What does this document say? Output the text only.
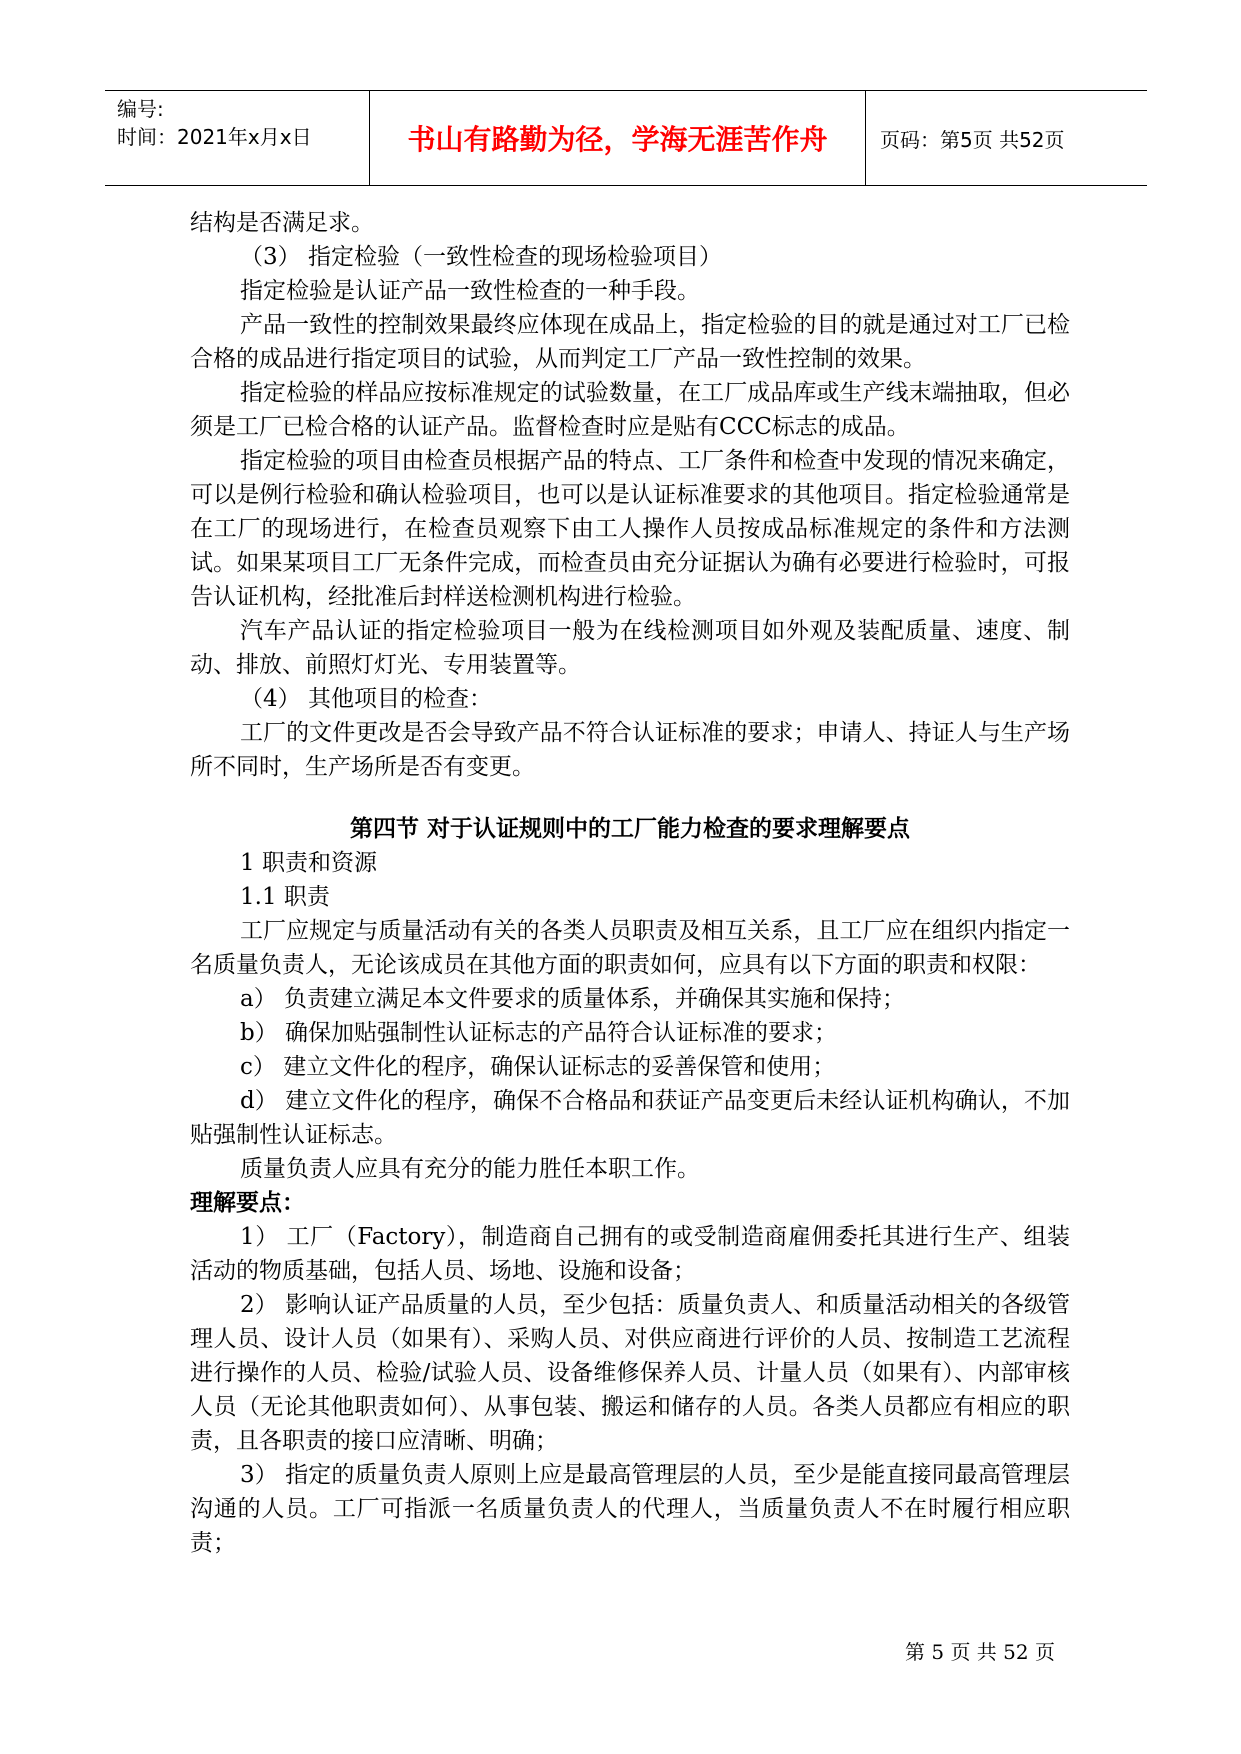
编号:
时间：2021年x月x日	书山有路勤为径，学海无涯苦作舟	页码：第5页 共52页

结构是否满足求。

（3） 指定检验（一致性检查的现场检验项目）

指定检验是认证产品一致性检查的一种手段。

产品一致性的控制效果最终应体现在成品上，指定检验的目的就是通过对工厂已检合格的成品进行指定项目的试验，从而判定工厂产品一致性控制的效果。

指定检验的样品应按标准规定的试验数量，在工厂成品库或生产线末端抽取，但必须是工厂已检合格的认证产品。监督检查时应是贴有CCC标志的成品。

指定检验的项目由检查员根据产品的特点、工厂条件和检查中发现的情况来确定，可以是例行检验和确认检验项目，也可以是认证标准要求的其他项目。指定检验通常是在工厂的现场进行，在检查员观察下由工人操作人员按成品标准规定的条件和方法测试。如果某项目工厂无条件完成，而检查员由充分证据认为确有必要进行检验时，可报告认证机构，经批准后封样送检测机构进行检验。

汽车产品认证的指定检验项目一般为在线检测项目如外观及装配质量、速度、制动、排放、前照灯灯光、专用装置等。

（4） 其他项目的检查：

工厂的文件更改是否会导致产品不符合认证标准的要求；申请人、持证人与生产场所不同时，生产场所是否有变更。

第四节 对于认证规则中的工厂能力检查的要求理解要点

1 职责和资源

1.1 职责

工厂应规定与质量活动有关的各类人员职责及相互关系，且工厂应在组织内指定一名质量负责人，无论该成员在其他方面的职责如何，应具有以下方面的职责和权限：

a） 负责建立满足本文件要求的质量体系，并确保其实施和保持；

b） 确保加贴强制性认证标志的产品符合认证标准的要求；

c） 建立文件化的程序，确保认证标志的妥善保管和使用；

d） 建立文件化的程序，确保不合格品和获证产品变更后未经认证机构确认，不加贴强制性认证标志。

质量负责人应具有充分的能力胜任本职工作。

理解要点：

1） 工厂（Factory），制造商自己拥有的或受制造商雇佣委托其进行生产、组装活动的物质基础，包括人员、场地、设施和设备；

2） 影响认证产品质量的人员，至少包括：质量负责人、和质量活动相关的各级管理人员、设计人员（如果有）、采购人员、对供应商进行评价的人员、按制造工艺流程进行操作的人员、检验/试验人员、设备维修保养人员、计量人员（如果有）、内部审核人员（无论其他职责如何）、从事包装、搬运和储存的人员。各类人员都应有相应的职责，且各职责的接口应清晰、明确；

3） 指定的质量负责人原则上应是最高管理层的人员，至少是能直接同最高管理层沟通的人员。工厂可指派一名质量负责人的代理人，当质量负责人不在时履行相应职责；

第 5 页 共 52 页
